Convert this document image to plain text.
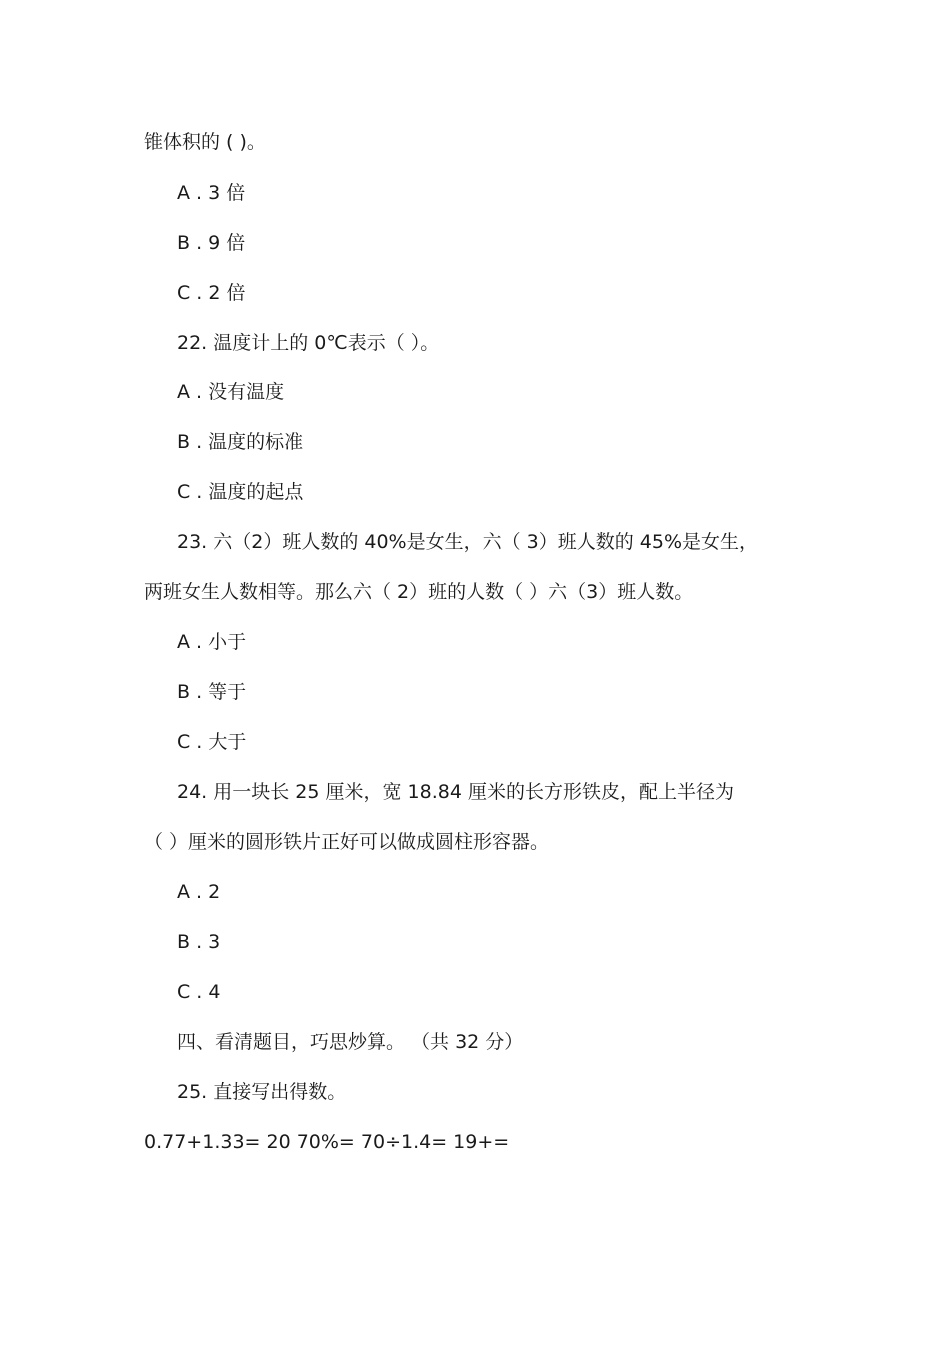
锥体积的 ( )。
A . 3 倍
B . 9 倍
C . 2 倍
22. 温度计上的 0℃表示（ ）。
A . 没有温度
B . 温度的标准
C . 温度的起点
23. 六（2）班人数的 40%是女生，六（ 3）班人数的 45%是女生，
两班女生人数相等。那么六（ 2）班的人数（ ）六（3）班人数。
A . 小于
B . 等于
C . 大于
24. 用一块长 25 厘米，宽 18.84 厘米的长方形铁皮，配上半径为
（ ）厘米的圆形铁片正好可以做成圆柱形容器。
A . 2
B . 3
C . 4
四、看清题目，巧思炒算。 （共 32 分）
25. 直接写出得数。
0.77+1.33= 20 70%= 70÷1.4= 19+=
